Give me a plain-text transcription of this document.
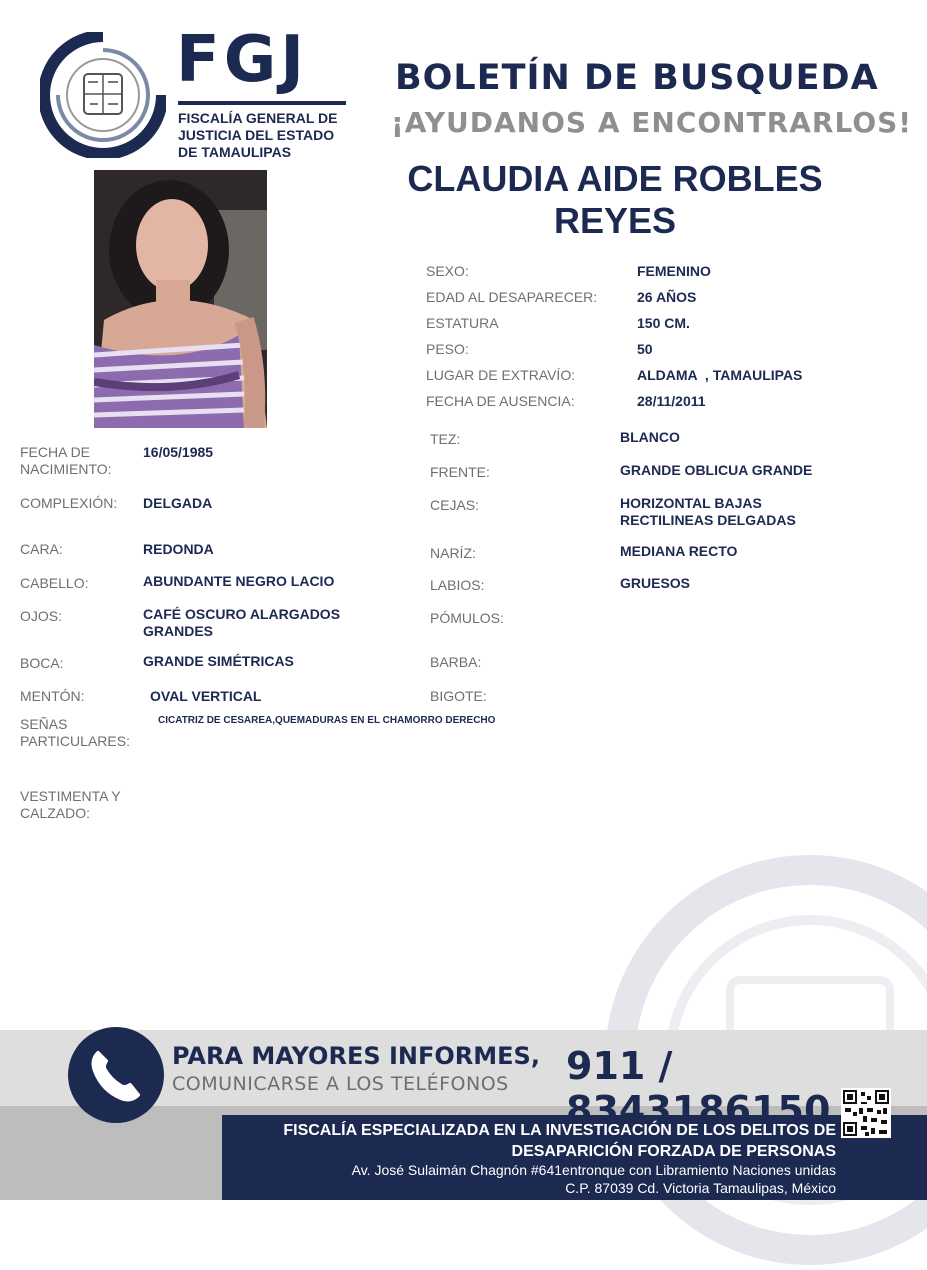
FGJ
FISCALÍA GENERAL DE
JUSTICIA DEL ESTADO
DE TAMAULIPAS
BOLETÍN DE BUSQUEDA
¡AYUDANOS A ENCONTRARLOS!
CLAUDIA AIDE ROBLES
REYES
SEXO:	FEMENINO
EDAD AL DESAPARECER:	26 AÑOS
ESTATURA	150 CM.
PESO:	50
LUGAR DE EXTRAVÍO:	ALDAMA  , TAMAULIPAS
FECHA DE AUSENCIA:	28/11/2011
TEZ:	BLANCO
FRENTE:	GRANDE OBLICUA GRANDE
CEJAS:	HORIZONTAL BAJAS RECTILINEAS DELGADAS
NARÍZ:	MEDIANA RECTO
LABIOS:	GRUESOS
PÓMULOS:
BARBA:
BIGOTE:
FECHA DE NACIMIENTO:
16/05/1985
COMPLEXIÓN: DELGADA
CARA:	REDONDA
CABELLO:	ABUNDANTE NEGRO LACIO
OJOS:	CAFÉ OSCURO ALARGADOS GRANDES
BOCA:	GRANDE SIMÉTRICAS
MENTÓN:	OVAL VERTICAL
SEÑAS PARTICULARES:
CICATRIZ DE CESAREA,QUEMADURAS EN EL CHAMORRO DERECHO
VESTIMENTA Y CALZADO:
PARA MAYORES INFORMES,
COMUNICARSE A LOS TELÉFONOS 911 / 8343186150
FISCALÍA ESPECIALIZADA EN LA INVESTIGACIÓN DE LOS DELITOS DE
DESAPARICIÓN FORZADA DE PERSONAS
Av. José Sulaimán Chagnón #641entronque con Libramiento Naciones unidas
C.P. 87039 Cd. Victoria Tamaulipas, México
